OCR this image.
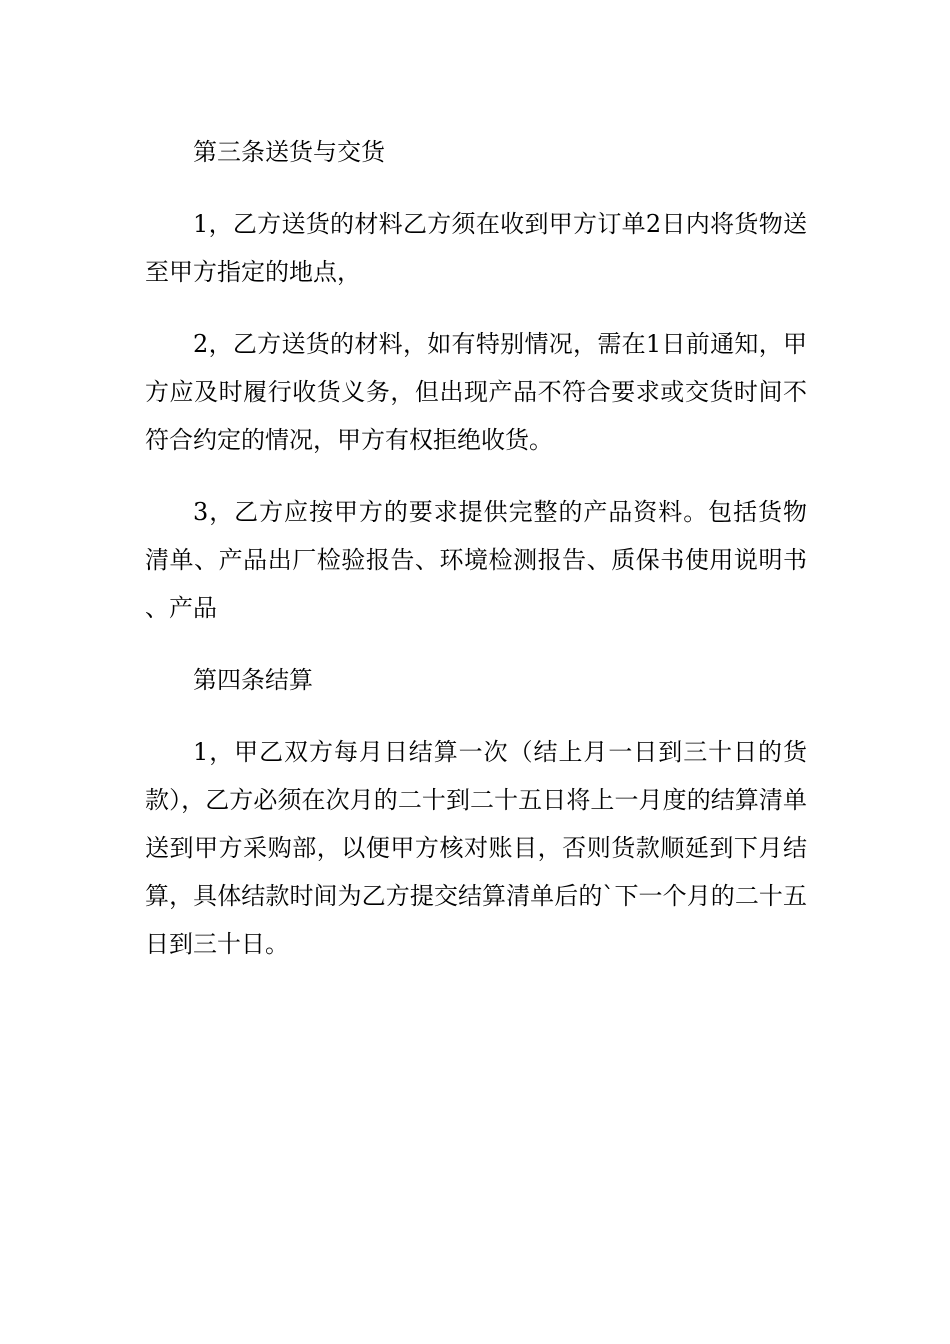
第三条送货与交货

1，乙方送货的材料乙方须在收到甲方订单2日内将货物送至甲方指定的地点，

2，乙方送货的材料，如有特别情况，需在1日前通知，甲方应及时履行收货义务，但出现产品不符合要求或交货时间不符合约定的情况，甲方有权拒绝收货。

3，乙方应按甲方的要求提供完整的产品资料。包括货物清单、产品出厂检验报告、环境检测报告、质保书使用说明书、产品

第四条结算

1，甲乙双方每月日结算一次（结上月一日到三十日的货款），乙方必须在次月的二十到二十五日将上一月度的结算清单送到甲方采购部，以便甲方核对账目，否则货款顺延到下月结算，具体结款时间为乙方提交结算清单后的`下一个月的二十五日到三十日。
